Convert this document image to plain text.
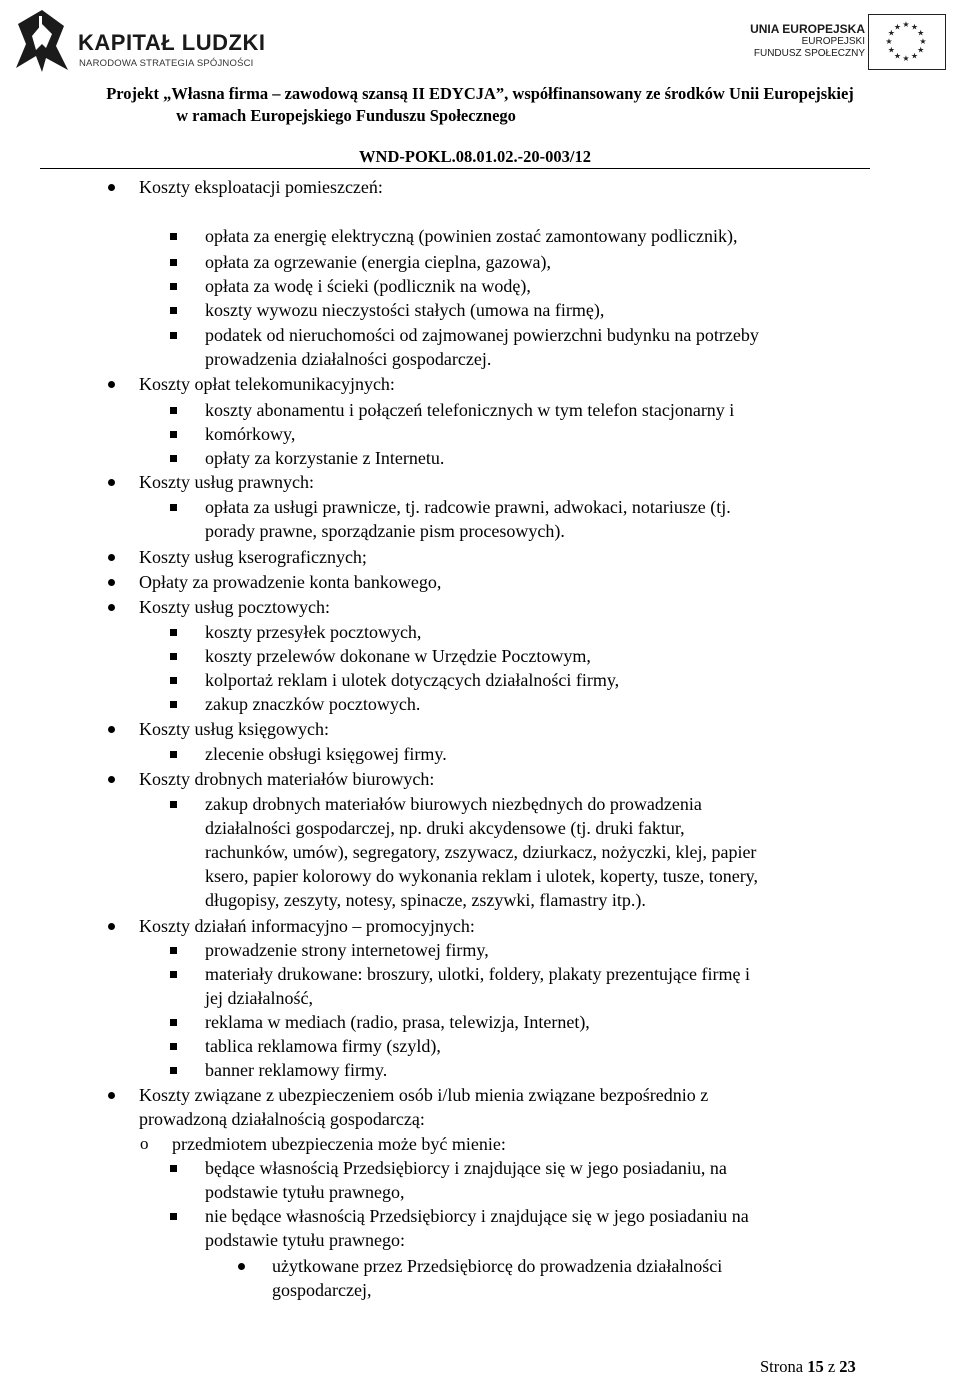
KAPITAŁ LUDZKI
NARODOWA STRATEGIA SPÓJNOŚCI
UNIA EUROPEJSKA
EUROPEJSKI
FUNDUSZ SPOŁECZNY
★ ★
★
★
★
★
★
★
★
★
★
★
Projekt „Własna firma – zawodową szansą II EDYCJA”, współfinansowany ze środków Unii Europejskiej
w ramach Europejskiego Funduszu Społecznego
WND-POKL.08.01.02.-20-003/12
Koszty eksploatacji pomieszczeń:
opłata za energię elektryczną (powinien zostać zamontowany podlicznik),
opłata za ogrzewanie (energia cieplna, gazowa),
opłata za wodę i ścieki (podlicznik na wodę),
koszty wywozu nieczystości stałych (umowa na firmę),
podatek od nieruchomości od zajmowanej powierzchni budynku na potrzeby
prowadzenia działalności gospodarczej.
Koszty opłat telekomunikacyjnych:
koszty abonamentu i połączeń telefonicznych w tym telefon stacjonarny i
komórkowy,
opłaty za korzystanie z Internetu.
Koszty usług prawnych:
opłata za usługi prawnicze, tj. radcowie prawni, adwokaci, notariusze (tj.
porady prawne, sporządzanie pism procesowych).
Koszty usług kserograficznych;
Opłaty za prowadzenie konta bankowego,
Koszty usług pocztowych:
koszty przesyłek pocztowych,
koszty przelewów dokonane w Urzędzie Pocztowym,
kolportaż reklam i ulotek dotyczących działalności firmy,
zakup znaczków pocztowych.
Koszty usług księgowych:
zlecenie obsługi księgowej firmy.
Koszty drobnych materiałów biurowych:
zakup drobnych materiałów biurowych niezbędnych do prowadzenia
działalności gospodarczej, np. druki akcydensowe (tj. druki faktur,
rachunków, umów), segregatory, zszywacz, dziurkacz, nożyczki, klej, papier
ksero, papier kolorowy do wykonania reklam i ulotek, koperty, tusze, tonery,
długopisy, zeszyty, notesy, spinacze, zszywki, flamastry itp.).
Koszty działań informacyjno – promocyjnych:
prowadzenie strony internetowej firmy,
materiały drukowane: broszury, ulotki, foldery, plakaty prezentujące firmę i
jej działalność,
reklama w mediach (radio, prasa, telewizja, Internet),
tablica reklamowa firmy (szyld),
banner reklamowy firmy.
Koszty związane z ubezpieczeniem osób i/lub mienia związane bezpośrednio z
prowadzoną działalnością gospodarczą:
przedmiotem ubezpieczenia może być mienie:
o
będące własnością Przedsiębiorcy i znajdujące się w jego posiadaniu, na
podstawie tytułu prawnego,
nie będące własnością Przedsiębiorcy i znajdujące się w jego posiadaniu na
podstawie tytułu prawnego:
użytkowane przez Przedsiębiorcę do prowadzenia działalności
gospodarczej,
Strona 15 z 23
